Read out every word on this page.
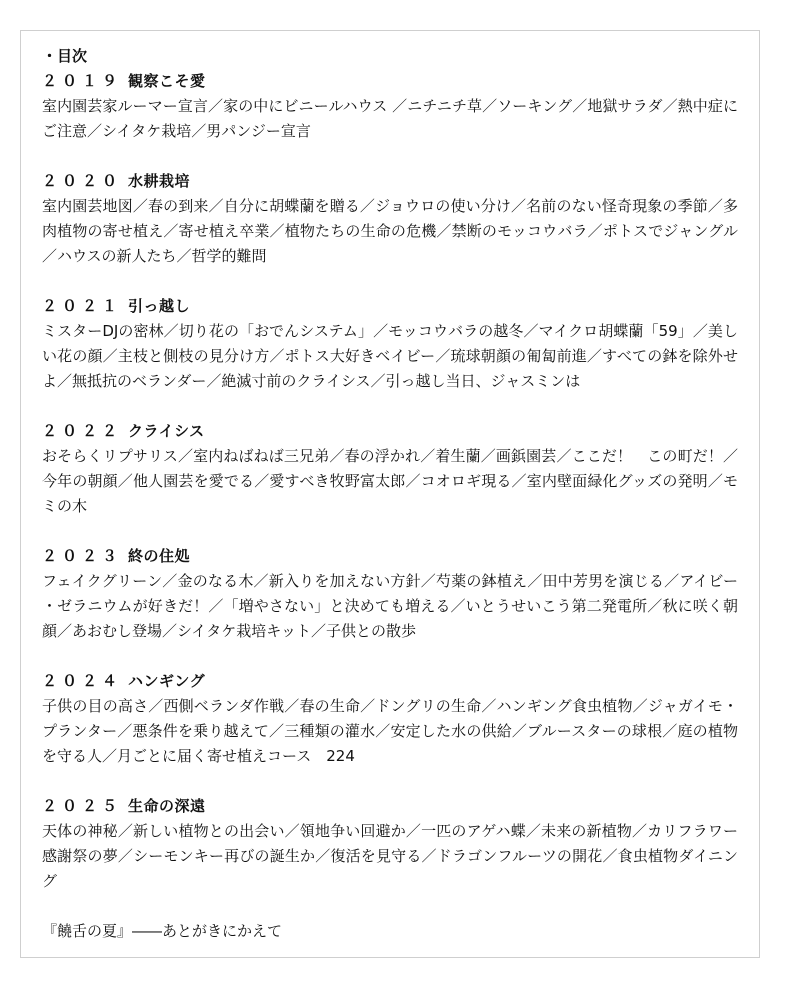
・目次
２０１９ 観察こそ愛

室内園芸家ルーマー宣言／家の中にビニールハウス ／ニチニチ草／ソーキング／地獄サラダ／熱中症にご注意／シイタケ栽培／男パンジー宣言

２０２０ 水耕栽培

室内園芸地図／春の到来／自分に胡蝶蘭を贈る／ジョウロの使い分け／名前のない怪奇現象の季節／多肉植物の寄せ植え／寄せ植え卒業／植物たちの生命の危機／禁断のモッコウバラ／ポトスでジャングル／ハウスの新人たち／哲学的難問

２０２１ 引っ越し

ミスターDJの密林／切り花の「おでんシステム」／モッコウバラの越冬／マイクロ胡蝶蘭「59」／美しい花の顔／主枝と側枝の見分け方／ポトス大好きベイビー／琉球朝顔の匍匐前進／すべての鉢を除外せよ／無抵抗のベランダー／絶滅寸前のクライシス／引っ越し当日、ジャスミンは

２０２２ クライシス

おそらくリプサリス／室内ねばねば三兄弟／春の浮かれ／着生蘭／画鋲園芸／ここだ！　この町だ！／今年の朝顔／他人園芸を愛でる／愛すべき牧野富太郎／コオロギ現る／室内壁面緑化グッズの発明／モミの木

２０２３ 終の住処

フェイクグリーン／金のなる木／新入りを加えない方針／芍薬の鉢植え／田中芳男を演じる／アイビー・ゼラニウムが好きだ！／「増やさない」と決めても増える／いとうせいこう第二発電所／秋に咲く朝顔／あおむし登場／シイタケ栽培キット／子供との散歩

２０２４ ハンギング

子供の目の高さ／西側ベランダ作戦／春の生命／ドングリの生命／ハンギング食虫植物／ジャガイモ・プランター／悪条件を乗り越えて／三種類の灌水／安定した水の供給／ブルースターの球根／庭の植物を守る人／月ごとに届く寄せ植えコース　224

２０２５ 生命の深遠

天体の神秘／新しい植物との出会い／領地争い回避か／一匹のアゲハ蝶／未来の新植物／カリフラワー感謝祭の夢／シーモンキー再びの誕生か／復活を見守る／ドラゴンフルーツの開花／食虫植物ダイニング

『饒舌の夏』――あとがきにかえて
